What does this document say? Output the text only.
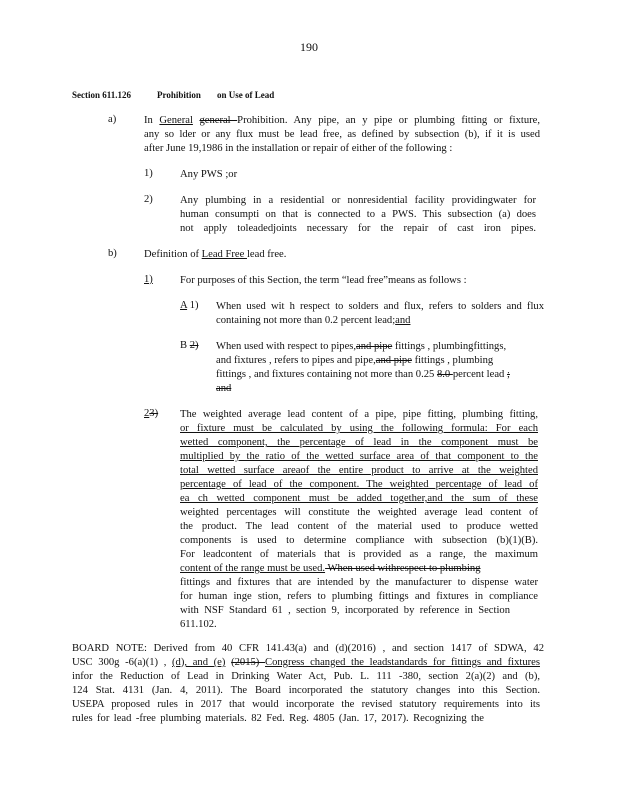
190
Section 611.126	Prohibition on Use of Lead
a)	In General general Prohibition. Any pipe, an y pipe or plumbing fitting or fixture,
any so lder or any flux must be lead free, as defined by subsection (b), if it is used
after June 19,1986 in the installation or repair of either of the following :
1)	Any PWS ;or
2)	Any plumbing in a residential or nonresidential facility providingwater for
human consumpti on that is connected to a PWS. This subsection (a) does
not apply toleadedjoints necessary for the repair of cast iron pipes.
b)	Definition of Lead Free lead free.
1)	For purposes of this Section, the term “lead free”means as follows :
A 1) When used wit h respect to solders and flux, refers to solders and flux
containing not more than 0.2 percent lead;and
B 2) When used with respect to pipes,and pipe fittings , plumbingfittings,
and fixtures , refers to pipes and pipe,and pipe fittings , plumbing
fittings , and fixtures containing not more than 0.25 8.0 percent lead ;
and
23) The weighted average lead content of a pipe, pipe fitting, plumbing fitting,
or fixture must be calculated by using the following formula: For each
wetted component, the percentage of lead in the component must be
multiplied by the ratio of the wetted surface area of that component to the
total wetted surface areaof the entire product to arrive at the weighted
percentage of lead of the component. The weighted percentage of lead of
ea ch wetted component must be added together,and the sum of these
weighted percentages will constitute the weighted average lead content of
the product. The lead content of the material used to produce wetted
components is used to determine compliance with subsection (b)(1)(B).
For leadcontent of materials that is provided as a range, the maximum
content of the range must be used. When used withrespect to plumbing
fittings and fixtures that are intended by the manufacturer to dispense water
for human inge stion, refers to plumbing fittings and fixtures in compliance
with NSF Standard 61 , section 9, incorporated by reference in Section
611.102.
BOARD NOTE: Derived from 40 CFR 141.43(a) and (d)(2016) , and section 1417 of SDWA, 42
USC 300g -6(a)(1) , (d), and (e) (2015) Congress changed the leadstandards for fittings and fixtures
infor the Reduction of Lead in Drinking Water Act, Pub. L. 111 -380, section 2(a)(2) and (b),
124 Stat. 4131 (Jan. 4, 2011). The Board incorporated the statutory changes into this Section.
USEPA proposed rules in 2017 that would incorporate the revised statutory requirements into its
rules for lead -free plumbing materials. 82 Fed. Reg. 4805 (Jan. 17, 2017). Recognizing the
